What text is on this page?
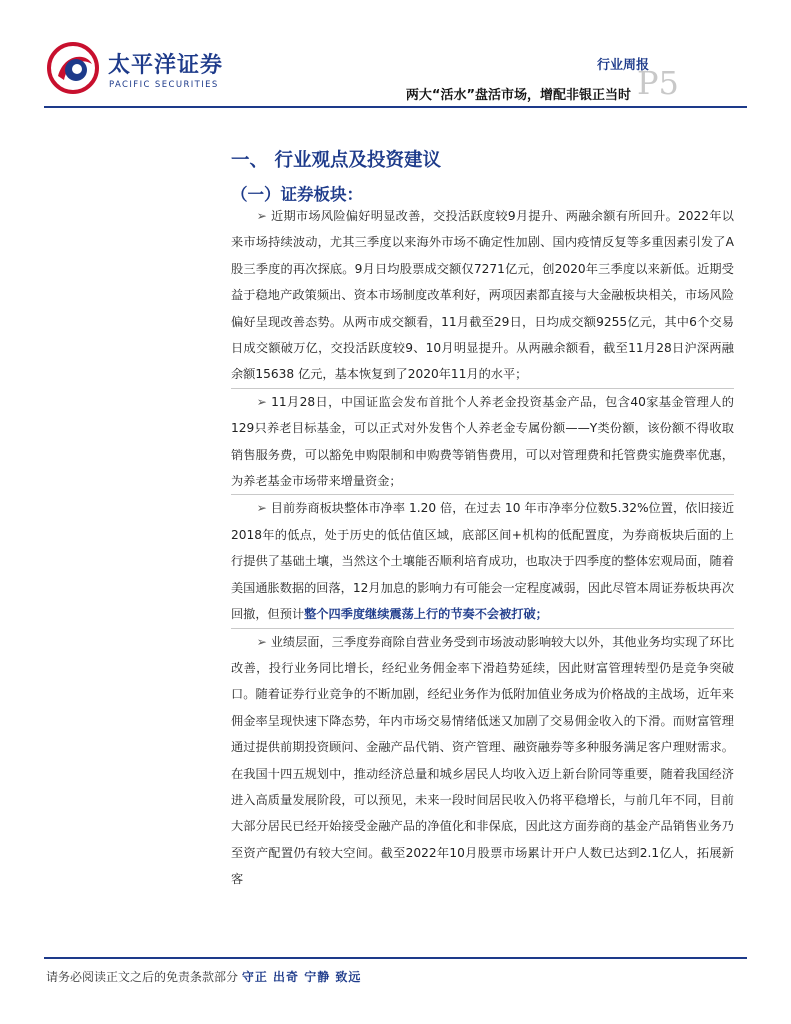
太平洋证券
PACIFIC SECURITIES
行业周报
两大“活水”盘活市场，增配非银正当时 P5
一、 行业观点及投资建议
（一）证券板块：

➢ 近期市场风险偏好明显改善，交投活跃度较9月提升、两融余额有所回升。2022年以来市场持续波动，尤其三季度以来海外市场不确定性加剧、国内疫情反复等多重因素引发了A股三季度的再次探底。9月日均股票成交额仅7271亿元，创2020年三季度以来新低。近期受益于稳地产政策频出、资本市场制度改革利好，两项因素都直接与大金融板块相关，市场风险偏好呈现改善态势。从两市成交额看，11月截至29日，日均成交额9255亿元，其中6个交易日成交额破万亿，交投活跃度较9、10月明显提升。从两融余额看，截至11月28日沪深两融余额15638 亿元，基本恢复到了2020年11月的水平；

➢ 11月28日，中国证监会发布首批个人养老金投资基金产品，包含40家基金管理人的129只养老目标基金，可以正式对外发售个人养老金专属份额——Y类份额，该份额不得收取销售服务费，可以豁免申购限制和申购费等销售费用，可以对管理费和托管费实施费率优惠，为养老基金市场带来增量资金；

➢ 目前券商板块整体市净率 1.20 倍，在过去 10 年市净率分位数5.32%位置，依旧接近2018年的低点，处于历史的低估值区域，底部区间+机构的低配置度，为券商板块后面的上行提供了基础土壤，当然这个土壤能否顺利培育成功，也取决于四季度的整体宏观局面，随着美国通胀数据的回落，12月加息的影响力有可能会一定程度减弱，因此尽管本周证券板块再次回撤，但预计整个四季度继续震荡上行的节奏不会被打破；

➢ 业绩层面，三季度券商除自营业务受到市场波动影响较大以外，其他业务均实现了环比改善，投行业务同比增长，经纪业务佣金率下滑趋势延续，因此财富管理转型仍是竞争突破口。随着证券行业竞争的不断加剧，经纪业务作为低附加值业务成为价格战的主战场，近年来佣金率呈现快速下降态势，年内市场交易情绪低迷又加剧了交易佣金收入的下滑。而财富管理通过提供前期投资顾问、金融产品代销、资产管理、融资融券等多种服务满足客户理财需求。在我国十四五规划中，推动经济总量和城乡居民人均收入迈上新台阶同等重要，随着我国经济进入高质量发展阶段，可以预见，未来一段时间居民收入仍将平稳增长，与前几年不同，目前大部分居民已经开始接受金融产品的净值化和非保底，因此这方面券商的基金产品销售业务乃至资产配置仍有较大空间。截至2022年10月股票市场累计开户人数已达到2.1亿人，拓展新客

请务必阅读正文之后的免责条款部分 守正 出奇 宁静 致远
